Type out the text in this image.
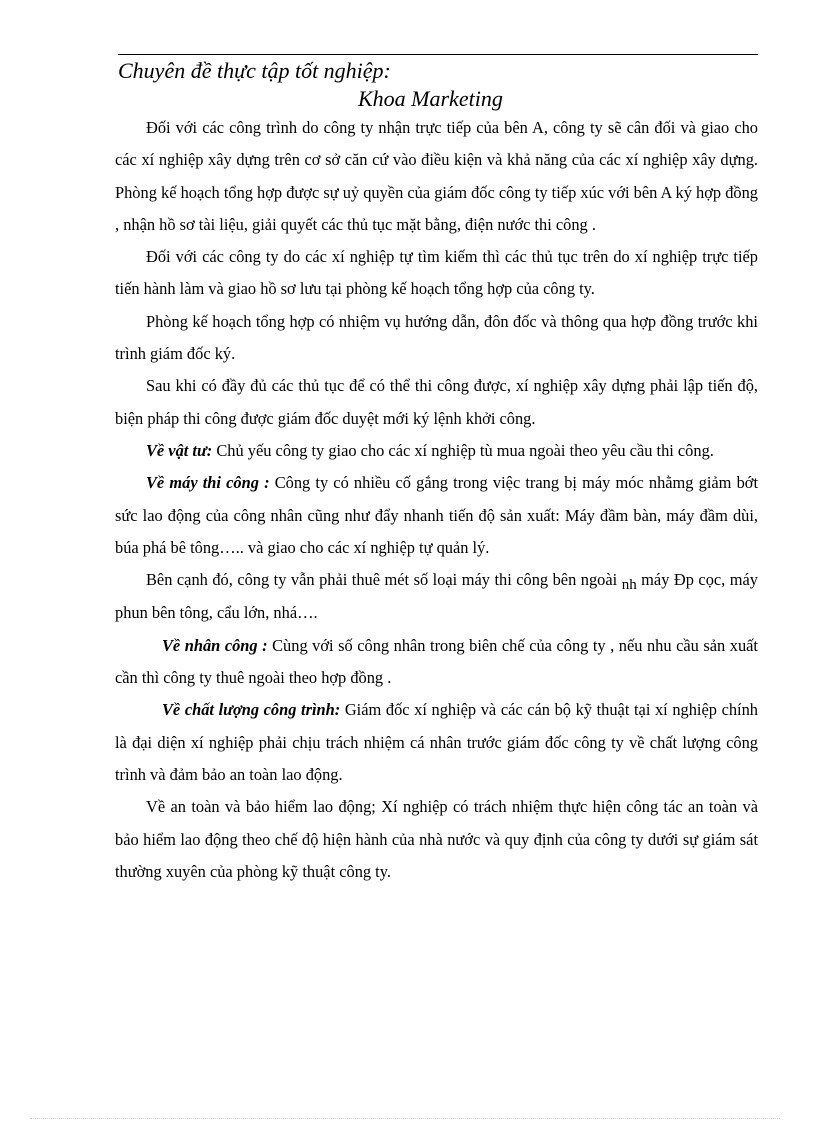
Chuyên đề thực tập tốt nghiệp:
Khoa Marketing

Đối với các công trình do công ty nhận trực tiếp của bên A, công ty sẽ cân đối và giao cho các xí nghiệp xây dựng trên cơ sở căn cứ vào điều kiện và khả năng của các xí nghiệp xây dựng. Phòng kế hoạch tổng hợp được sự uỷ quyền của giám đốc công ty tiếp xúc với bên A ký hợp đồng , nhận hồ sơ tài liệu, giải quyết các thủ tục mặt bằng, điện nước thi công .

Đối với các công ty do các xí nghiệp tự tìm kiếm thì các thủ tục trên do xí nghiệp trực tiếp tiến hành làm và giao hồ sơ lưu tại phòng kế hoạch tổng hợp của công ty.

Phòng kế hoạch tổng hợp có nhiệm vụ hướng dẫn, đôn đốc và thông qua hợp đồng trước khi trình giám đốc ký.

Sau khi có đầy đủ các thủ tục để có thể thi công được, xí nghiệp xây dựng phải lập tiến độ, biện pháp thi công được giám đốc duyệt mới ký lệnh khởi công.

Về vật tư: Chủ yếu công ty giao cho các xí nghiệp tù mua ngoài theo yêu cầu thi công.

Về máy thi công : Công ty có nhiều cố gắng trong việc trang bị máy móc nhằmg giảm bớt sức lao động của công nhân cũng như đẩy nhanh tiến độ sản xuất: Máy đầm bàn, máy đầm dùi, búa phá bê tông….. và giao cho các xí nghiệp tự quản lý.

Bên cạnh đó, công ty vẫn phải thuê mét số loại máy thi công bên ngoài nh máy Đp cọc, máy phun bên tông, cẩu lớn, nhá….

Về nhân công : Cùng với số công nhân trong biên chế của công ty , nếu nhu cầu sản xuất cần thì công ty thuê ngoài theo hợp đồng .

Về chất lượng công trình: Giám đốc xí nghiệp và các cán bộ kỹ thuật tại xí nghiệp chính là đại diện xí nghiệp phải chịu trách nhiệm cá nhân trước giám đốc công ty về chất lượng công trình và đảm bảo an toàn lao động.

Về an toàn và bảo hiểm lao động; Xí nghiệp có trách nhiệm thực hiện công tác an toàn và bảo hiểm lao động theo chế độ hiện hành của nhà nước và quy định của công ty dưới sự giám sát thường xuyên của phòng kỹ thuật công ty.
